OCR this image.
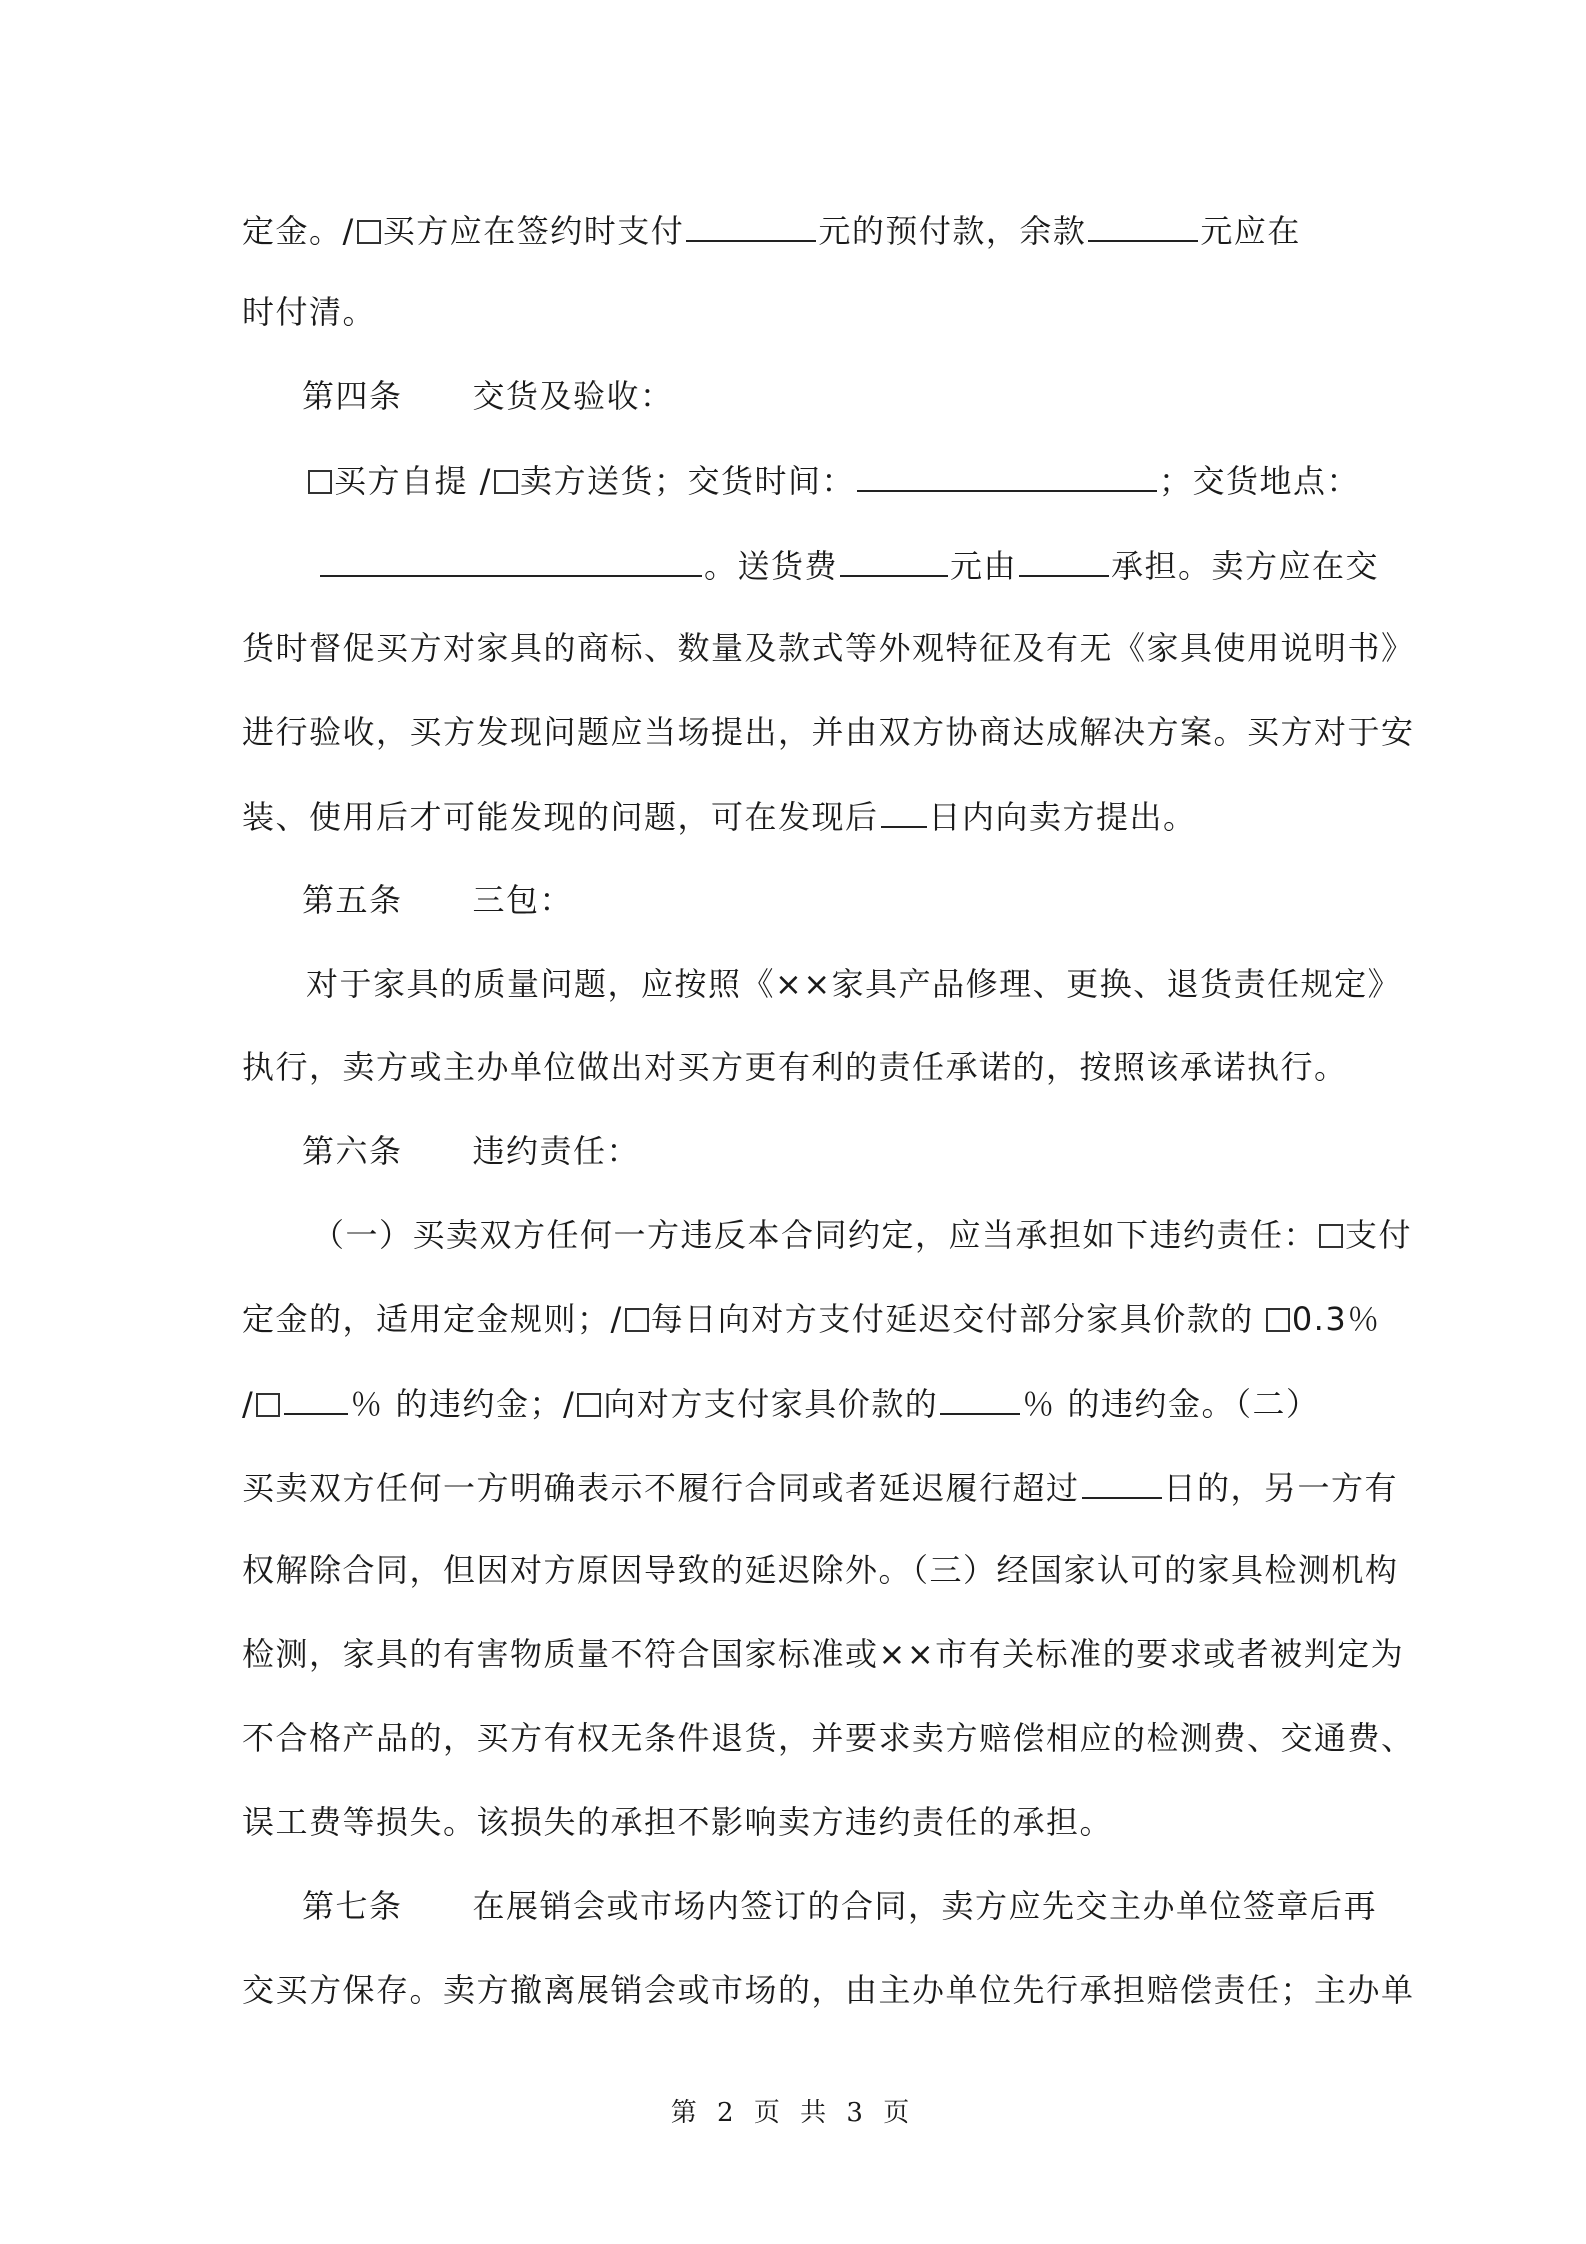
定金。/ 买方应在签约时支付	元的预付款，余款	元应在
时付清。
第四条 交货及验收：
买方自提 / 卖方送货；交货时间：	；交货地点：
。送货费	元由	承担。卖方应在交
货时督促买方对家具的商标、数量及款式等外观特征及有无《家具使用说明书》
进行验收，买方发现问题应当场提出，并由双方协商达成解决方案。买方对于安
装、使用后才可能发现的问题，可在发现后 日内向卖方提出。
第五条 三包：
对于家具的质量问题，应按照《××家具产品修理、更换、退货责任规定》
执行，卖方或主办单位做出对买方更有利的责任承诺的，按照该承诺执行。
第六条 违约责任：
（一）买卖双方任何一方违反本合同约定，应当承担如下违约责任： 支付
定金的，适用定金规则；/ 每日向对方支付延迟交付部分家具价款的 0.3％
/	％ 的违约金；/ 向对方支付家具价款的	％ 的违约金。（二）
买卖双方任何一方明确表示不履行合同或者延迟履行超过	日的，另一方有
权解除合同，但因对方原因导致的延迟除外。（三）经国家认可的家具检测机构
检测，家具的有害物质量不符合国家标准或××市有关标准的要求或者被判定为
不合格产品的，买方有权无条件退货，并要求卖方赔偿相应的检测费、交通费、
误工费等损失。该损失的承担不影响卖方违约责任的承担。
第七条 在展销会或市场内签订的合同，卖方应先交主办单位签章后再
交买方保存。卖方撤离展销会或市场的，由主办单位先行承担赔偿责任；主办单
第 2 页 共 3 页
